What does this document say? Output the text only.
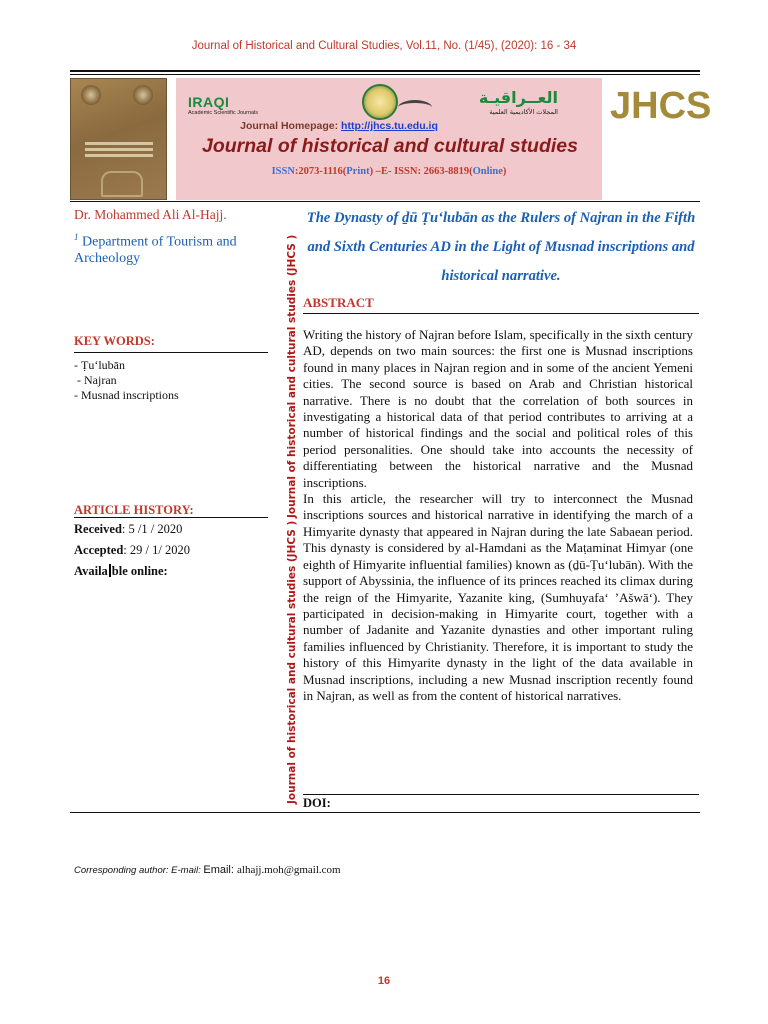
Journal of Historical and Cultural Studies, Vol.11, No. (1/45), (2020): 16 - 34
IRAQI
Academic Scientific Journals
العــراقيـة
المجلات الأكاديمية العلمية
Journal Homepage: http://jhcs.tu.edu.iq
Journal of historical and cultural studies
ISSN:2073-1116(Print) –E- ISSN: 2663-8819(Online)
JHCS
Dr. Mohammed Ali Al-Hajj.
$^1$ Department of Tourism and Archeology
KEY WORDS:
- Ṭu‘lubān
- Najran
- Musnad inscriptions
ARTICLE HISTORY:
Received: 5 /1 / 2020
Accepted: 29 / 1/ 2020
Availa ble online:
Journal of historical and cultural studies (JHCS )
Journal of historical and cultural studies (JHCS )
The Dynasty of ḏū Ṭu‘lubān as the Rulers of Najran in the Fifth and Sixth Centuries AD in the Light of Musnad inscriptions and historical narrative.
ABSTRACT

Writing the history of Najran before Islam, specifically in the sixth century AD, depends on two main sources: the first one is Musnad inscriptions found in many places in Najran region and in some of the ancient Yemeni cities. The second source is based on Arab and Christian historical narrative. There is no doubt that the correlation of both sources in investigating a historical data of that period contributes to arriving at a number of historical findings and the social and political roles of this period personalities. One should take into accounts the necessity of differentiating between the historical narrative and the Musnad inscriptions.

In this article, the researcher will try to interconnect the Musnad inscriptions sources and historical narrative in identifying the march of a Himyarite dynasty that appeared in Najran during the late Sabaean period. This dynasty is considered by al-Hamdani as the Maṭaminat Himyar (one eighth of Himyarite influential families) known as (ḏū-Ṭu‘lubān). With the support of Abyssinia, the influence of its princes reached its climax during the reign of the Himyarite, Yazanite king, (Sumhuyafa‘ ’Ašwā‘). They participated in decision-making in Himyarite court, together with a number of Jadanite and Yazanite dynasties and other important ruling families influenced by Christianity. Therefore, it is important to study the history of this Himyarite dynasty in the light of the data available in Musnad inscriptions, including a new Musnad inscription recently found in Najran, as well as from the content of historical narratives.

DOI:
Corresponding author: E-mail: Email: alhajj.moh@gmail.com
16
